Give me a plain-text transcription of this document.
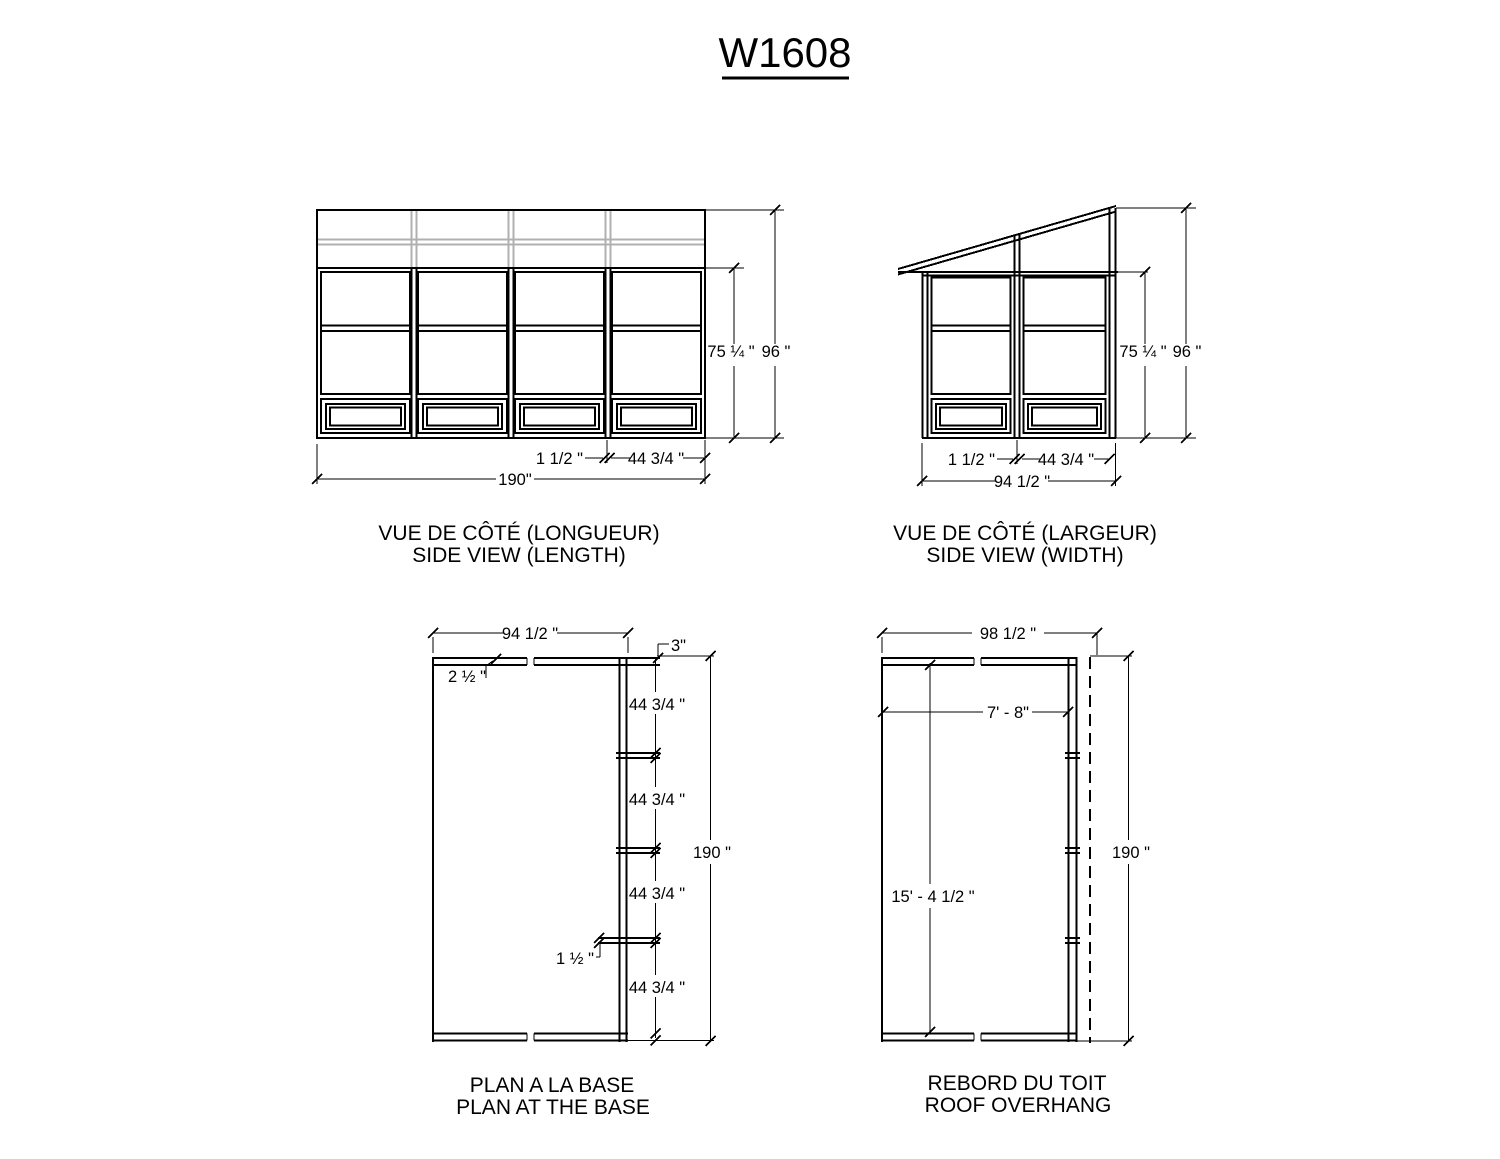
W1608
75 ¼ " 96 "
1 1/2 "	44 3/4 "
190"
VUE DE CÔTÉ (LONGUEUR)
SIDE VIEW (LENGTH)
75 ¼ " 96 "
1 1/2 "	44 3/4 "
94 1/2 "
VUE DE CÔTÉ (LARGEUR)
SIDE VIEW (WIDTH)
94 1/2 "
3"
2 ½ "
44 3/4 "
44 3/4 "
44 3/4 "
44 3/4 "
1 ½ "
190 "
PLAN A LA BASE
PLAN AT THE BASE
98 1/2 "
7' - 8"
15' - 4 1/2 "
190 "
REBORD DU TOIT
ROOF OVERHANG
